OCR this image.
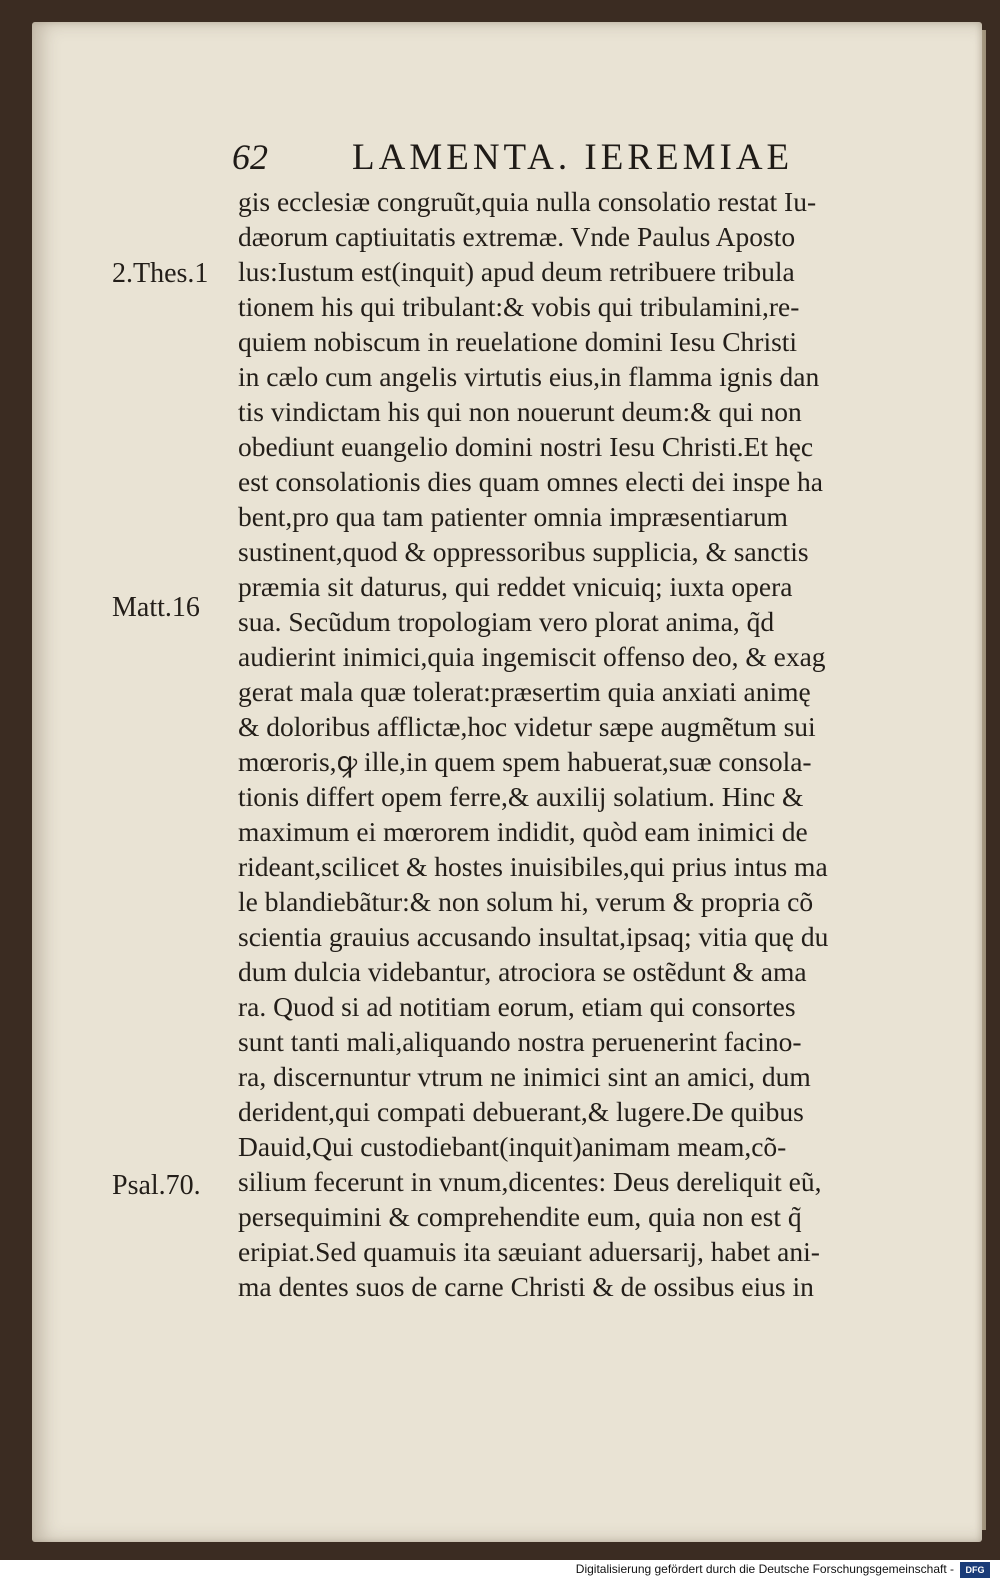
62 LAMENTA. IEREMIAE
2.Thes.1
Matt.16
Psal.70.
gis ecclesiæ congruũt,quia nulla consolatio restat Iu-
dæorum captiuitatis extremæ. Vnde Paulus Aposto
lus:Iustum est(inquit) apud deum retribuere tribula
tionem his qui tribulant:& vobis qui tribulamini,re-
quiem nobiscum in reuelatione domini Iesu Christi
in cælo cum angelis virtutis eius,in flamma ignis dan
tis vindictam his qui non nouerunt deum:& qui non
obediunt euangelio domini nostri Iesu Christi.Et hęc
est consolationis dies quam omnes electi dei inspe ha
bent,pro qua tam patienter omnia impræsentiarum
sustinent,quod & oppressoribus supplicia, & sanctis
præmia sit daturus, qui reddet vnicuiq; iuxta opera
sua. Secũdum tropologiam vero plorat anima, q̃d
audierint inimici,quia ingemiscit offenso deo, & exag
gerat mala quæ tolerat:præsertim quia anxiati animę
& doloribus afflictæ,hoc videtur sæpe augmẽtum sui
mœroris,ꝙ ille,in quem spem habuerat,suæ consola-
tionis differt opem ferre,& auxilij solatium. Hinc &
maximum ei mœrorem indidit, quòd eam inimici de
rideant,scilicet & hostes inuisibiles,qui prius intus ma
le blandiebãtur:& non solum hi, verum & propria cõ
scientia grauius accusando insultat,ipsaq; vitia quę du
dum dulcia videbantur, atrociora se ostẽdunt & ama
ra. Quod si ad notitiam eorum, etiam qui consortes
sunt tanti mali,aliquando nostra peruenerint facino-
ra, discernuntur vtrum ne inimici sint an amici, dum
derident,qui compati debuerant,& lugere.De quibus
Dauid,Qui custodiebant(inquit)animam meam,cõ-
silium fecerunt in vnum,dicentes: Deus dereliquit eũ,
persequimini & comprehendite eum, quia non est q̃
eripiat.Sed quamuis ita sæuiant aduersarij, habet ani-
ma dentes suos de carne Christi & de ossibus eius in
Digitalisierung gefördert durch die Deutsche Forschungsgemeinschaft -	DFG
